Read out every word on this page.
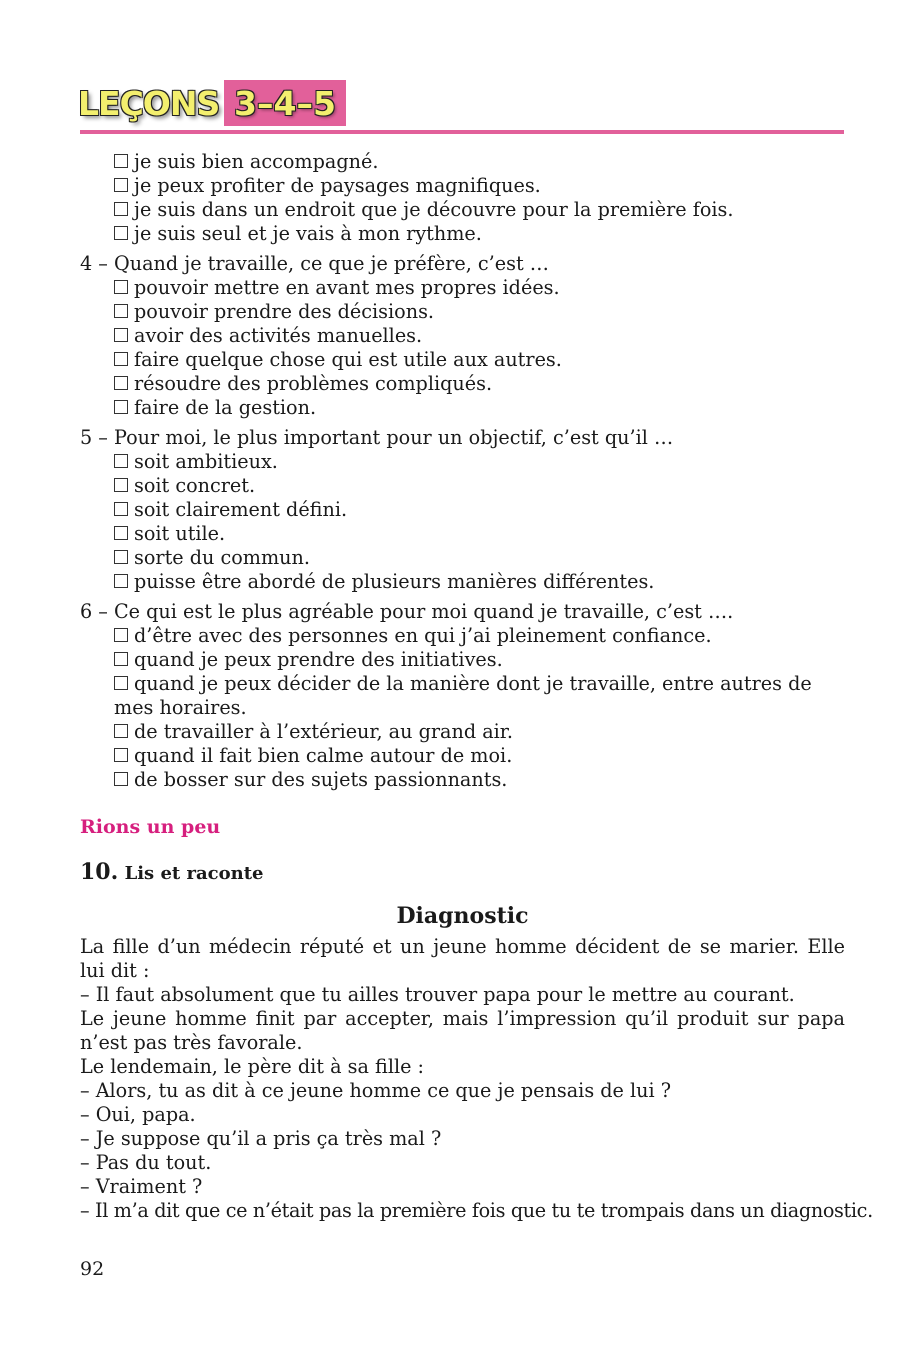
LEÇONS 3–4–5
je suis bien accompagné.
je peux profiter de paysages magnifiques.
je suis dans un endroit que je découvre pour la première fois.
je suis seul et je vais à mon rythme.
4 – Quand je travaille, ce que je préfère, c’est …
pouvoir mettre en avant mes propres idées.
pouvoir prendre des décisions.
avoir des activités manuelles.
faire quelque chose qui est utile aux autres.
résoudre des problèmes compliqués.
faire de la gestion.
5 – Pour moi, le plus important pour un objectif, c’est qu’il …
soit ambitieux.
soit concret.
soit clairement défini.
soit utile.
sorte du commun.
puisse être abordé de plusieurs manières différentes.
6 – Ce qui est le plus agréable pour moi quand je travaille, c’est ….
d’être avec des personnes en qui j’ai pleinement confiance.
quand je peux prendre des initiatives.
quand je peux décider de la manière dont je travaille, entre autres de mes horaires.
de travailler à l’extérieur, au grand air.
quand il fait bien calme autour de moi.
de bosser sur des sujets passionnants.
Rions un peu
10. Lis et raconte
Diagnostic
La fille d’un médecin réputé et un jeune homme décident de se marier. Elle lui dit :
– Il faut absolument que tu ailles trouver papa pour le mettre au courant.
Le jeune homme finit par accepter, mais l’impression qu’il produit sur papa n’est pas très favorale.
Le lendemain, le père dit à sa fille :
– Alors, tu as dit à ce jeune homme ce que je pensais de lui ?
– Oui, papa.
– Je suppose qu’il a pris ça très mal ?
– Pas du tout.
– Vraiment ?
– Il m’a dit que ce n’était pas la première fois que tu te trompais dans un diagnostic.
92
